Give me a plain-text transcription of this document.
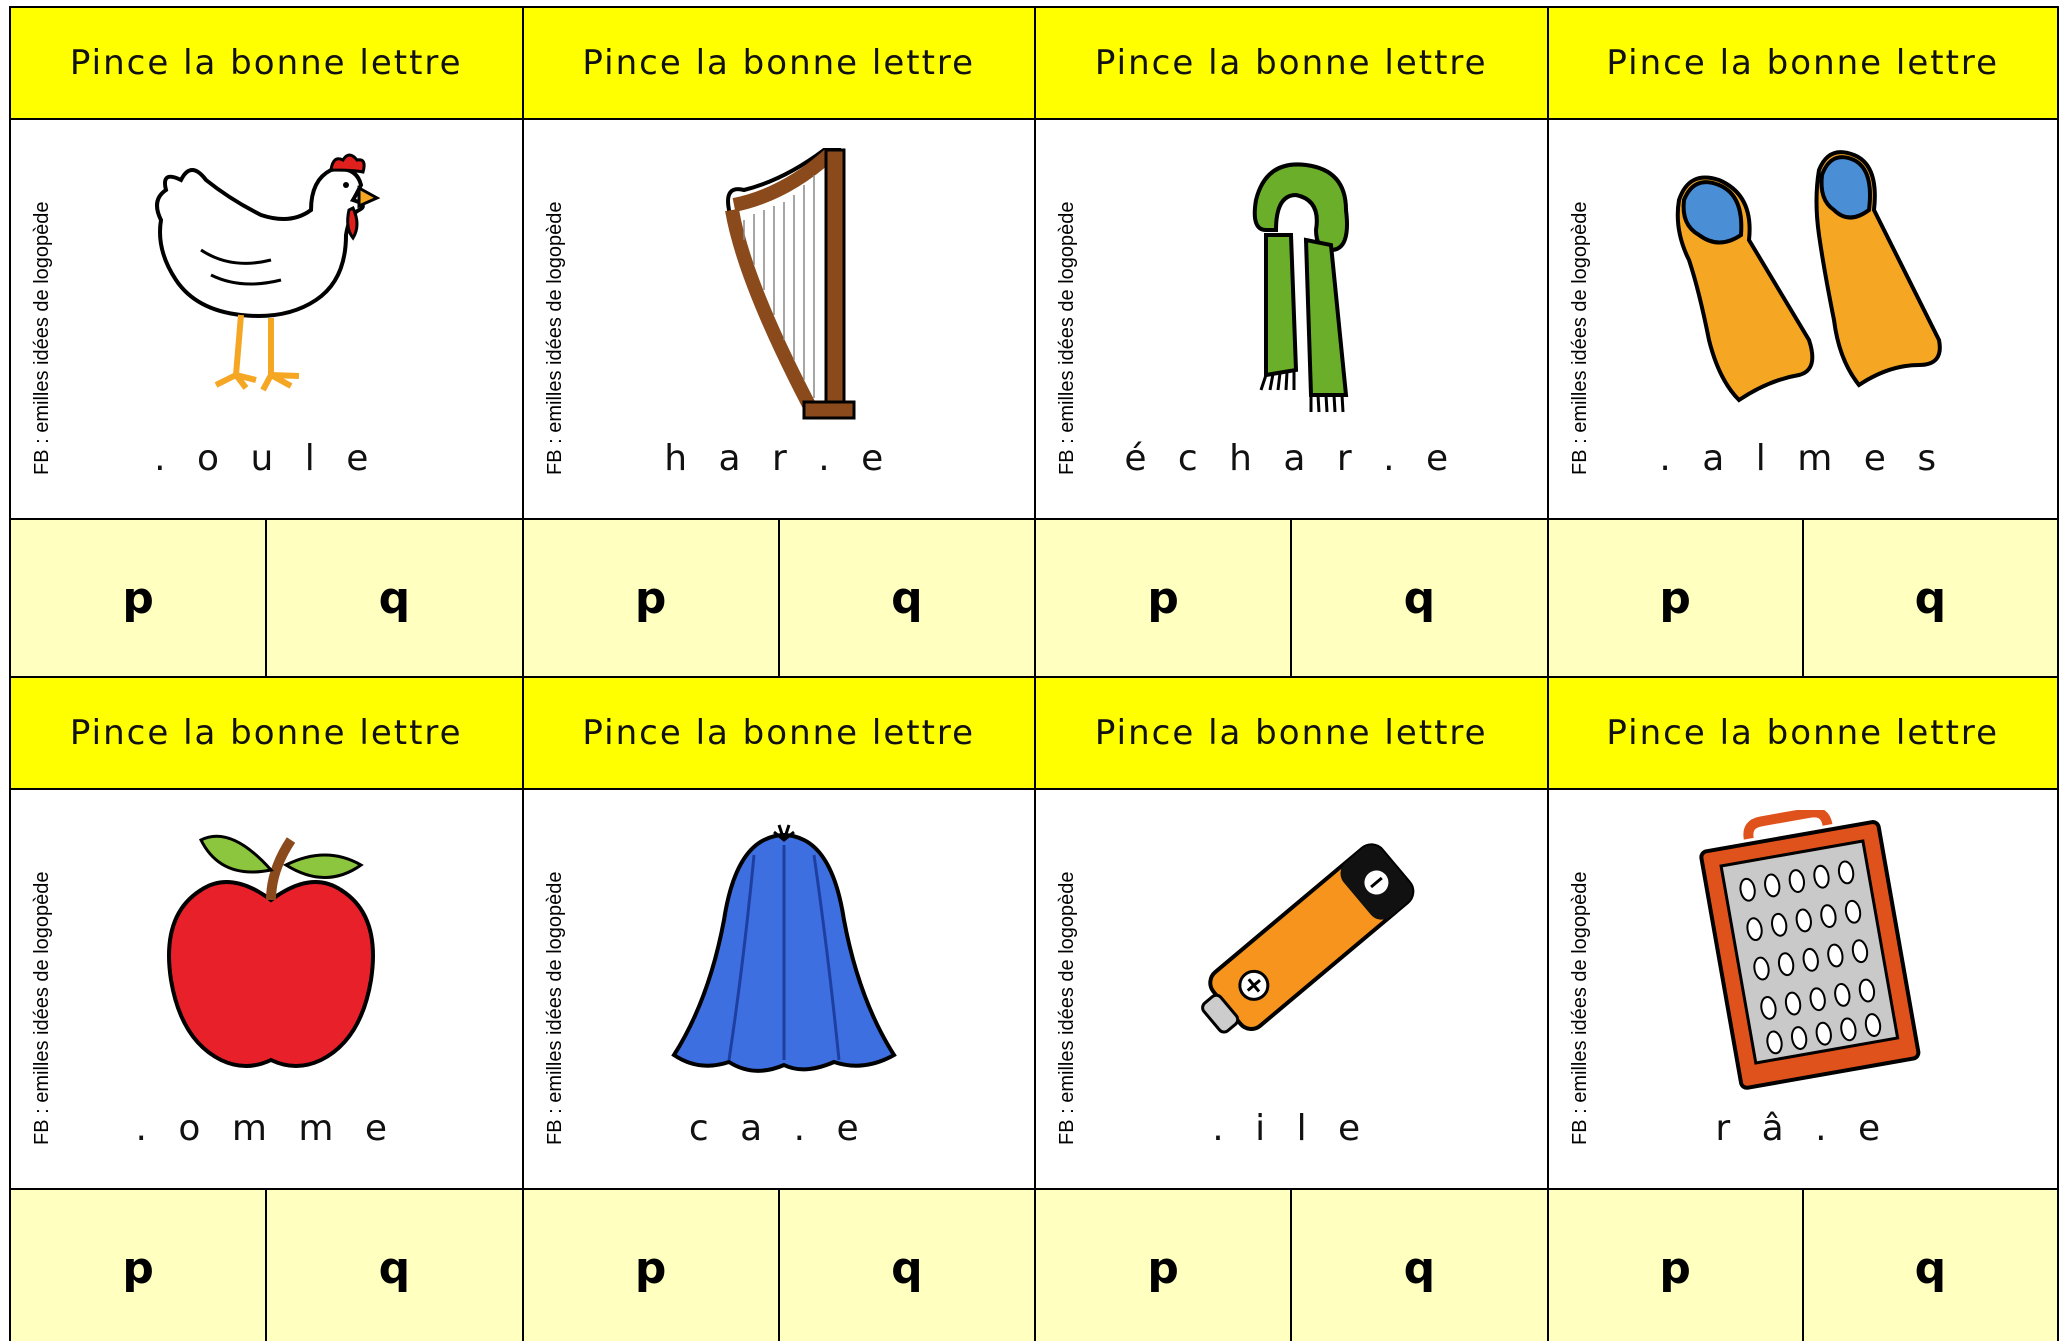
Pince la bonne lettre
FB : emilles idées de logopède	. o u l e
p	q
Pince la bonne lettre
FB : emilles idées de logopède	h a r . e
p	q
Pince la bonne lettre
FB : emilles idées de logopède	é c h a r . e
p	q
Pince la bonne lettre
FB : emilles idées de logopède	. a l m e s
p	q
Pince la bonne lettre
FB : emilles idées de logopède	. o m m e
p	q
Pince la bonne lettre
FB : emilles idées de logopède	c a . e
p	q
Pince la bonne lettre
FB : emilles idées de logopède	. i l e
p	q
Pince la bonne lettre
FB : emilles idées de logopède	r â . e
p	q
